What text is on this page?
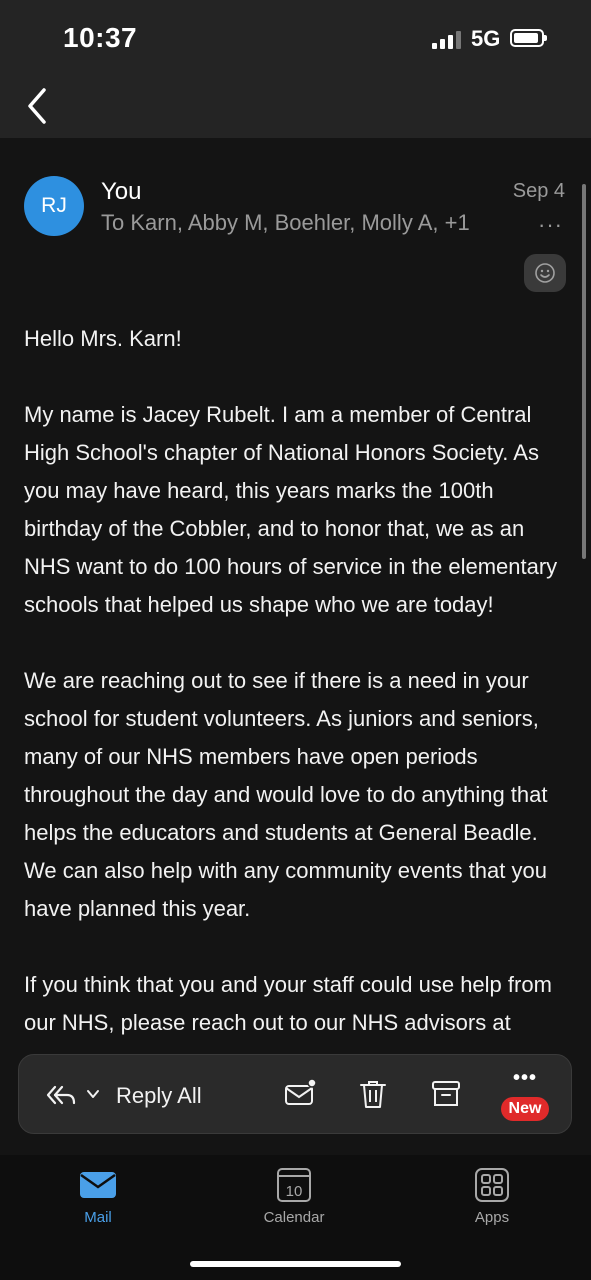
10:37	5G
RJ
You
To Karn, Abby M, Boehler, Molly A, +1
Sep 4
···

Hello Mrs. Karn!

My name is Jacey Rubelt. I am a member of Central High School's chapter of National Honors Society. As you may have heard, this years marks the 100th birthday of the Cobbler, and to honor that, we as an NHS want to do 100 hours of service in the elementary schools that helped us shape who we are today!

We are reaching out to see if there is a need in your school for student volunteers. As juniors and seniors, many of our NHS members have open periods throughout the day and would love to do anything that helps the educators and students at General Beadle. We can also help with any community events that you have planned this year.

If you think that you and your staff could use help from our NHS, please reach out to our NHS advisors at

Reply All
•••
New
Mail
10
Calendar	Apps
